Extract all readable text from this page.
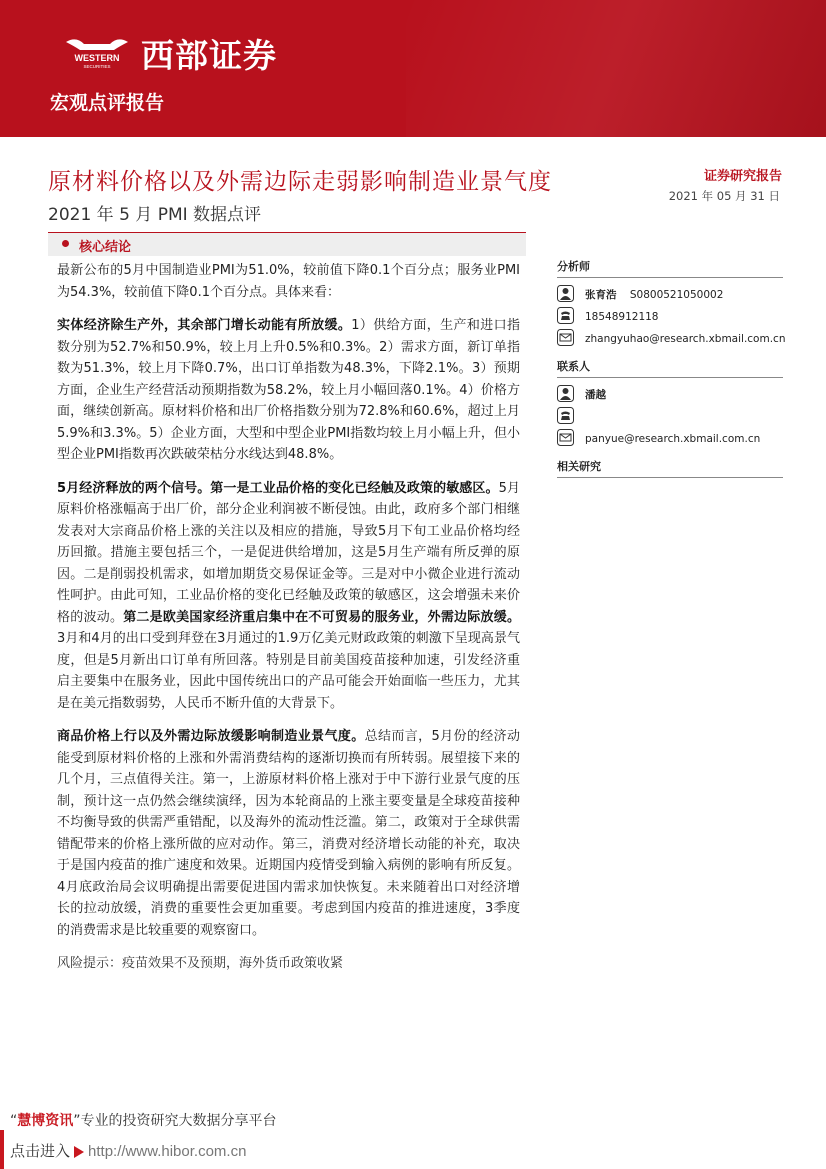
WESTERN
SECURITIES 西部证券
宏观点评报告
原材料价格以及外需边际走弱影响制造业景气度
2021 年 5 月 PMI 数据点评
证券研究报告
2021 年 05 月 31 日
核心结论

最新公布的5月中国制造业PMI为51.0%，较前值下降0.1个百分点；服务业PMI为54.3%，较前值下降0.1个百分点。具体来看：

实体经济除生产外，其余部门增长动能有所放缓。1）供给方面，生产和进口指数分别为52.7%和50.9%，较上月上升0.5%和0.3%。2）需求方面，新订单指数为51.3%，较上月下降0.7%，出口订单指数为48.3%，下降2.1%。3）预期方面，企业生产经营活动预期指数为58.2%，较上月小幅回落0.1%。4）价格方面，继续创新高。原材料价格和出厂价格指数分别为72.8%和60.6%，超过上月5.9%和3.3%。5）企业方面，大型和中型企业PMI指数均较上月小幅上升，但小型企业PMI指数再次跌破荣枯分水线达到48.8%。

5月经济释放的两个信号。第一是工业品价格的变化已经触及政策的敏感区。5月原料价格涨幅高于出厂价，部分企业利润被不断侵蚀。由此，政府多个部门相继发表对大宗商品价格上涨的关注以及相应的措施，导致5月下旬工业品价格均经历回撤。措施主要包括三个，一是促进供给增加，这是5月生产端有所反弹的原因。二是削弱投机需求，如增加期货交易保证金等。三是对中小微企业进行流动性呵护。由此可知，工业品价格的变化已经触及政策的敏感区，这会增强未来价格的波动。第二是欧美国家经济重启集中在不可贸易的服务业，外需边际放缓。3月和4月的出口受到拜登在3月通过的1.9万亿美元财政政策的刺激下呈现高景气度，但是5月新出口订单有所回落。特别是目前美国疫苗接种加速，引发经济重启主要集中在服务业，因此中国传统出口的产品可能会开始面临一些压力，尤其是在美元指数弱势，人民币不断升值的大背景下。

商品价格上行以及外需边际放缓影响制造业景气度。总结而言，5月份的经济动能受到原材料价格的上涨和外需消费结构的逐渐切换而有所转弱。展望接下来的几个月，三点值得关注。第一，上游原材料价格上涨对于中下游行业景气度的压制，预计这一点仍然会继续演绎，因为本轮商品的上涨主要变量是全球疫苗接种不均衡导致的供需严重错配，以及海外的流动性泛滥。第二，政策对于全球供需错配带来的价格上涨所做的应对动作。第三，消费对经济增长动能的补充，取决于是国内疫苗的推广速度和效果。近期国内疫情受到输入病例的影响有所反复。4月底政治局会议明确提出需要促进国内需求加快恢复。未来随着出口对经济增长的拉动放缓，消费的重要性会更加重要。考虑到国内疫苗的推进速度，3季度的消费需求是比较重要的观察窗口。

风险提示：疫苗效果不及预期，海外货币政策收紧

分析师
张育浩 S0800521050002
18548912118
zhangyuhao@research.xbmail.com.cn
联系人
潘越
panyue@research.xbmail.com.cn
相关研究
“慧博资讯”专业的投资研究大数据分享平台
点击进入 http://www.hibor.com.cn
